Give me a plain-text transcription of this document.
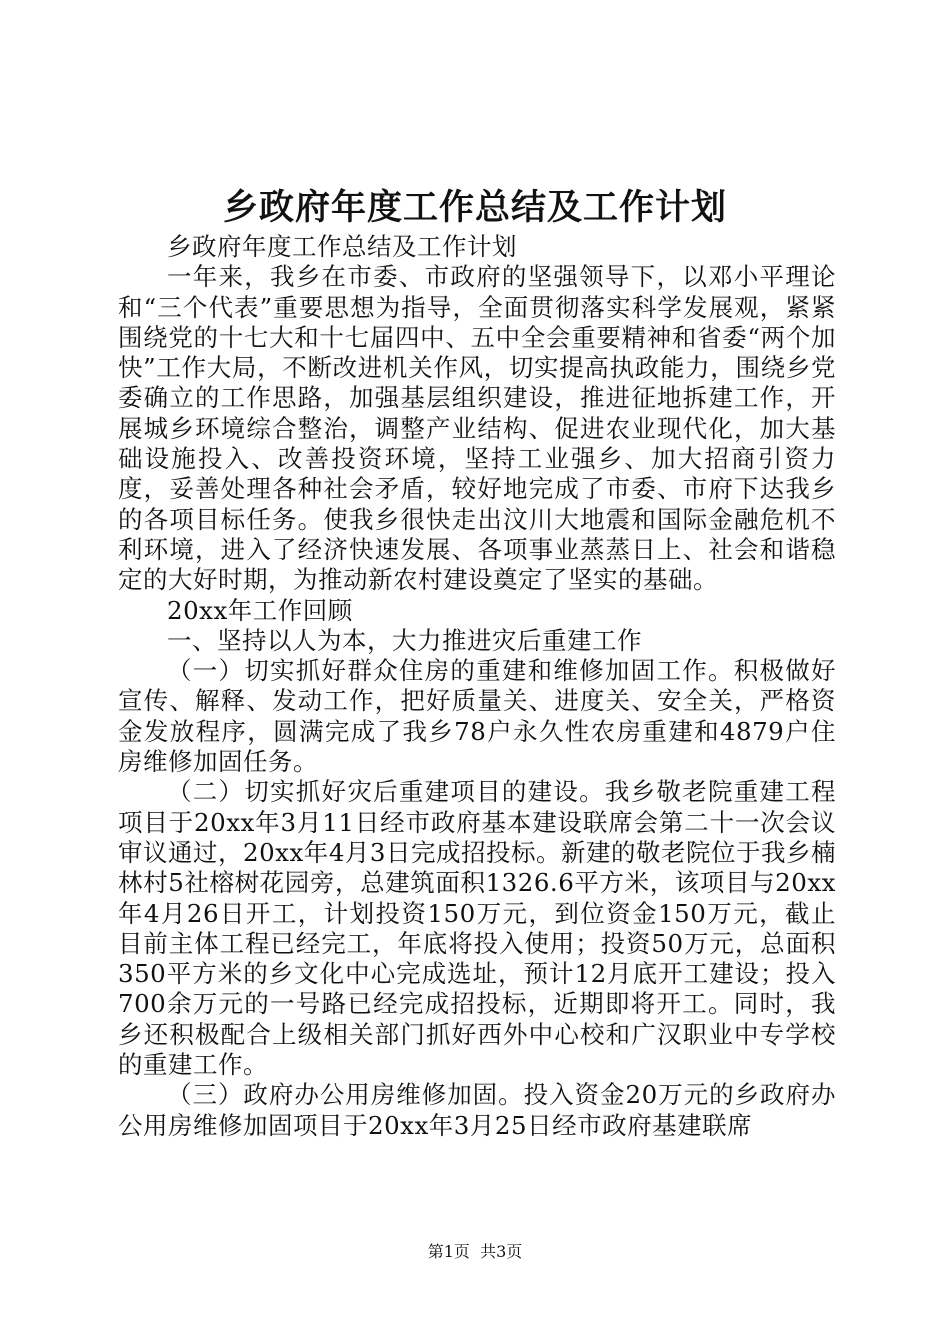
乡政府年度工作总结及工作计划

乡政府年度工作总结及工作计划

一年来，我乡在市委、市政府的坚强领导下，以邓小平理论和“三个代表”重要思想为指导，全面贯彻落实科学发展观，紧紧围绕党的十七大和十七届四中、五中全会重要精神和省委“两个加快”工作大局，不断改进机关作风，切实提高执政能力，围绕乡党委确立的工作思路，加强基层组织建设，推进征地拆建工作，开展城乡环境综合整治，调整产业结构、促进农业现代化，加大基础设施投入、改善投资环境，坚持工业强乡、加大招商引资力度，妥善处理各种社会矛盾，较好地完成了市委、市府下达我乡的各项目标任务。使我乡很快走出汶川大地震和国际金融危机不利环境，进入了经济快速发展、各项事业蒸蒸日上、社会和谐稳定的大好时期，为推动新农村建设奠定了坚实的基础。

20xx年工作回顾

一、坚持以人为本，大力推进灾后重建工作

（一）切实抓好群众住房的重建和维修加固工作。积极做好宣传、解释、发动工作，把好质量关、进度关、安全关，严格资金发放程序，圆满完成了我乡78户永久性农房重建和4879户住房维修加固任务。

（二）切实抓好灾后重建项目的建设。我乡敬老院重建工程项目于20xx年3月11日经市政府基本建设联席会第二十一次会议审议通过，20xx年4月3日完成招投标。新建的敬老院位于我乡楠林村5社榕树花园旁，总建筑面积1326.6平方米，该项目与20xx年4月26日开工，计划投资150万元，到位资金150万元，截止目前主体工程已经完工，年底将投入使用；投资50万元，总面积350平方米的乡文化中心完成选址，预计12月底开工建设；投入700余万元的一号路已经完成招投标，近期即将开工。同时，我乡还积极配合上级相关部门抓好西外中心校和广汉职业中专学校的重建工作。

（三）政府办公用房维修加固。投入资金20万元的乡政府办公用房维修加固项目于20xx年3月25日经市政府基建联席

第1页 共3页
